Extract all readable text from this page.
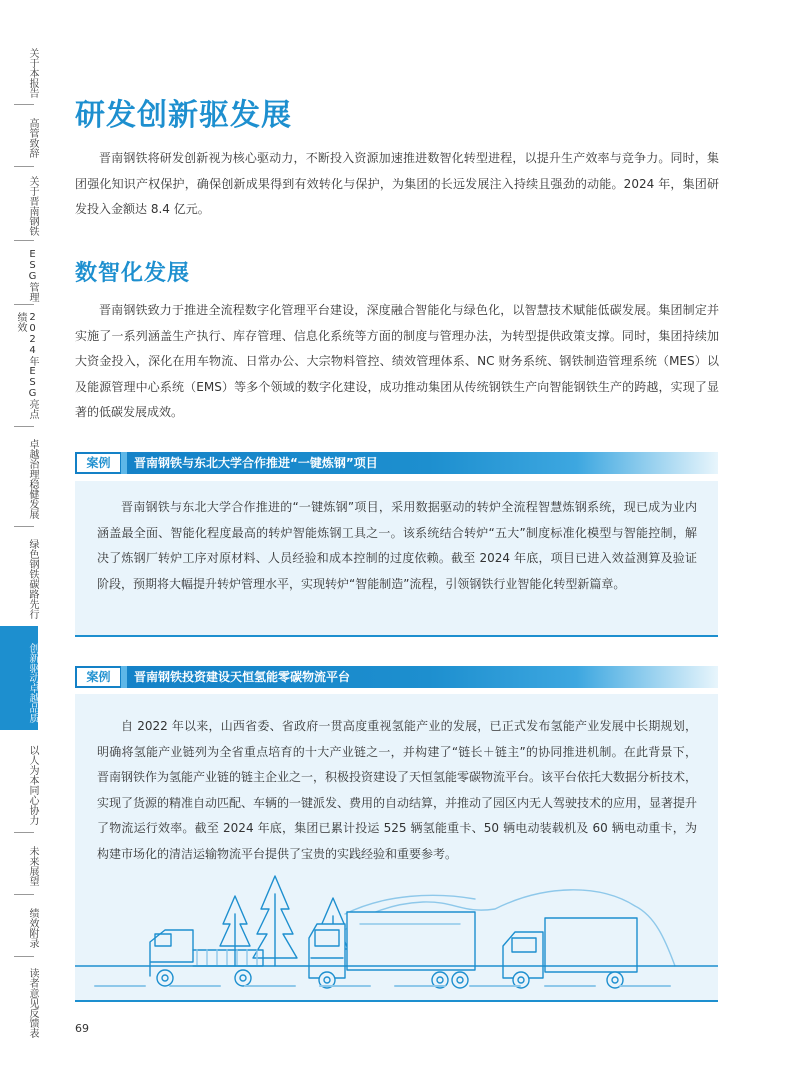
关于本报告
高管致辞
关于晋南钢铁
ESG管理
2024年ESG亮点绩效
卓越治理稳健发展
绿色钢铁碳路先行
创新驱动卓越品质
以人为本同心协力
未来展望
绩效附录
读者意见反馈表
研发创新驱发展

晋南钢铁将研发创新视为核心驱动力，不断投入资源加速推进数智化转型进程，以提升生产效率与竞争力。同时，集团强化知识产权保护，确保创新成果得到有效转化与保护，为集团的长远发展注入持续且强劲的动能。2024 年，集团研发投入金额达 8.4 亿元。

数智化发展

晋南钢铁致力于推进全流程数字化管理平台建设，深度融合智能化与绿色化，以智慧技术赋能低碳发展。集团制定并实施了一系列涵盖生产执行、库存管理、信息化系统等方面的制度与管理办法，为转型提供政策支撑。同时，集团持续加大资金投入，深化在用车物流、日常办公、大宗物料管控、绩效管理体系、NC 财务系统、钢铁制造管理系统（MES）以及能源管理中心系统（EMS）等多个领域的数字化建设，成功推动集团从传统钢铁生产向智能钢铁生产的跨越，实现了显著的低碳发展成效。

案例	晋南钢铁与东北大学合作推进“一键炼钢”项目

晋南钢铁与东北大学合作推进的“一键炼钢”项目，采用数据驱动的转炉全流程智慧炼钢系统，现已成为业内涵盖最全面、智能化程度最高的转炉智能炼钢工具之一。该系统结合转炉“五大”制度标准化模型与智能控制，解决了炼钢厂转炉工序对原材料、人员经验和成本控制的过度依赖。截至 2024 年底，项目已进入效益测算及验证阶段，预期将大幅提升转炉管理水平，实现转炉“智能制造”流程，引领钢铁行业智能化转型新篇章。

案例	晋南钢铁投资建设天恒氢能零碳物流平台

自 2022 年以来，山西省委、省政府一贯高度重视氢能产业的发展，已正式发布氢能产业发展中长期规划，明确将氢能产业链列为全省重点培育的十大产业链之一，并构建了“链长＋链主”的协同推进机制。在此背景下，晋南钢铁作为氢能产业链的链主企业之一，积极投资建设了天恒氢能零碳物流平台。该平台依托大数据分析技术，实现了货源的精准自动匹配、车辆的一键派发、费用的自动结算，并推动了园区内无人驾驶技术的应用，显著提升了物流运行效率。截至 2024 年底，集团已累计投运 525 辆氢能重卡、50 辆电动装载机及 60 辆电动重卡，为构建市场化的清洁运输物流平台提供了宝贵的实践经验和重要参考。

69
